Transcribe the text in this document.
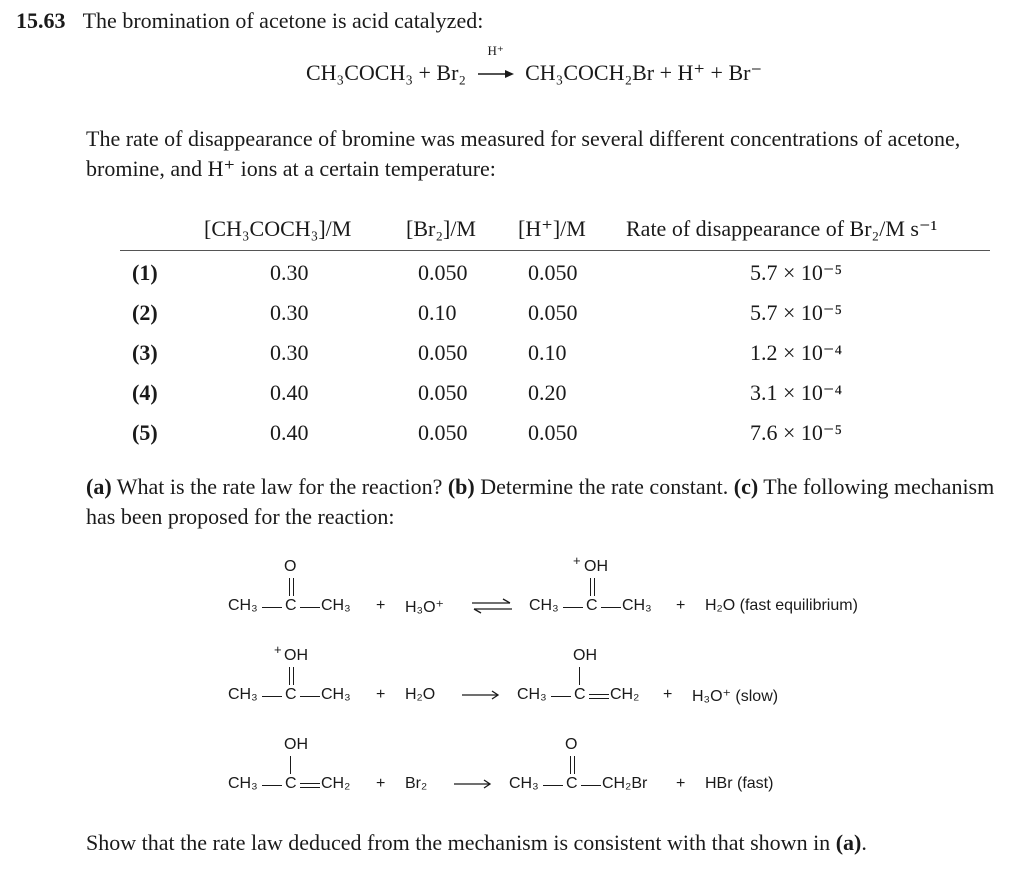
15.63 The bromination of acetone is acid catalyzed:
CH₃COCH₃ + Br₂
H⁺
CH₃COCH₂Br + H⁺ + Br⁻
The rate of disappearance of bromine was measured for several different concentrations of acetone, bromine, and H⁺ ions at a certain temperature:
[CH₃COCH₃]/M [Br₂]/M [H⁺]/M Rate of disappearance of Br₂/M s⁻¹
(1)	0.30	0.050	0.050	5.7 × 10⁻⁵
(2)	0.30	0.10	0.050	5.7 × 10⁻⁵
(3)	0.30	0.050	0.10	1.2 × 10⁻⁴
(4)	0.40	0.050	0.20	3.1 × 10⁻⁴
(5)	0.40	0.050	0.050	7.6 × 10⁻⁵
(a) What is the rate law for the reaction? (b) Determine the rate constant. (c) The following mechanism has been proposed for the reaction:
O
CH₃ C CH₃ + H₃O⁺
+ OH
CH₃ C CH₃ + H₂O (fast equilibrium)
+ OH
CH₃ C CH₃ + H₂O
OH
CH₃ C CH₂ + H₃O⁺ (slow)
OH
CH₃ C CH₂ + Br₂
O
CH₃ C CH₂Br + HBr (fast)
Show that the rate law deduced from the mechanism is consistent with that shown in (a).
